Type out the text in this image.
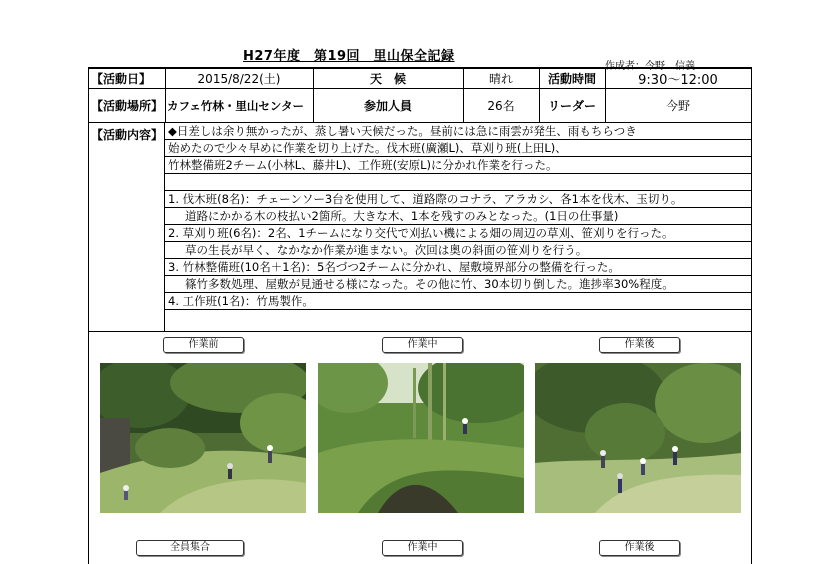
H27年度　第19回　里山保全記録
作成者：今野　信義
【活動日】	2015/8/22(土)	天　候	晴れ	活動時間	9:30～12:00
【活動場所】 カフェ竹林・里山センター	参加人員	26名	リーダー	今野
【活動内容】 ◆日差しは余り無かったが、蒸し暑い天候だった。昼前には急に雨雲が発生、雨もちらつき
始めたので少々早めに作業を切り上げた。伐木班(廣瀬L)、草刈り班(上田L)、
竹林整備班2チーム(小林L、藤井L)、工作班(安原L)に分かれ作業を行った。
1. 伐木班(8名)：チェーンソー3台を使用して、道路際のコナラ、アラカシ、各1本を伐木、玉切り。
道路にかかる木の枝払い2箇所。大きな木、1本を残すのみとなった。(1日の仕事量)
2. 草刈り班(6名)：2名、1チームになり交代で刈払い機による畑の周辺の草刈、笹刈りを行った。
草の生長が早く、なかなか作業が進まない。次回は奥の斜面の笹刈りを行う。
3. 竹林整備班(10名＋1名)：5名づつ2チームに分かれ、屋敷境界部分の整備を行った。
篠竹多数処理、屋敷が見通せる様になった。その他に竹、30本切り倒した。進捗率30%程度。
4. 工作班(1名)：竹馬製作。
作業前	作業中	作業後
全員集合	作業中	作業後
